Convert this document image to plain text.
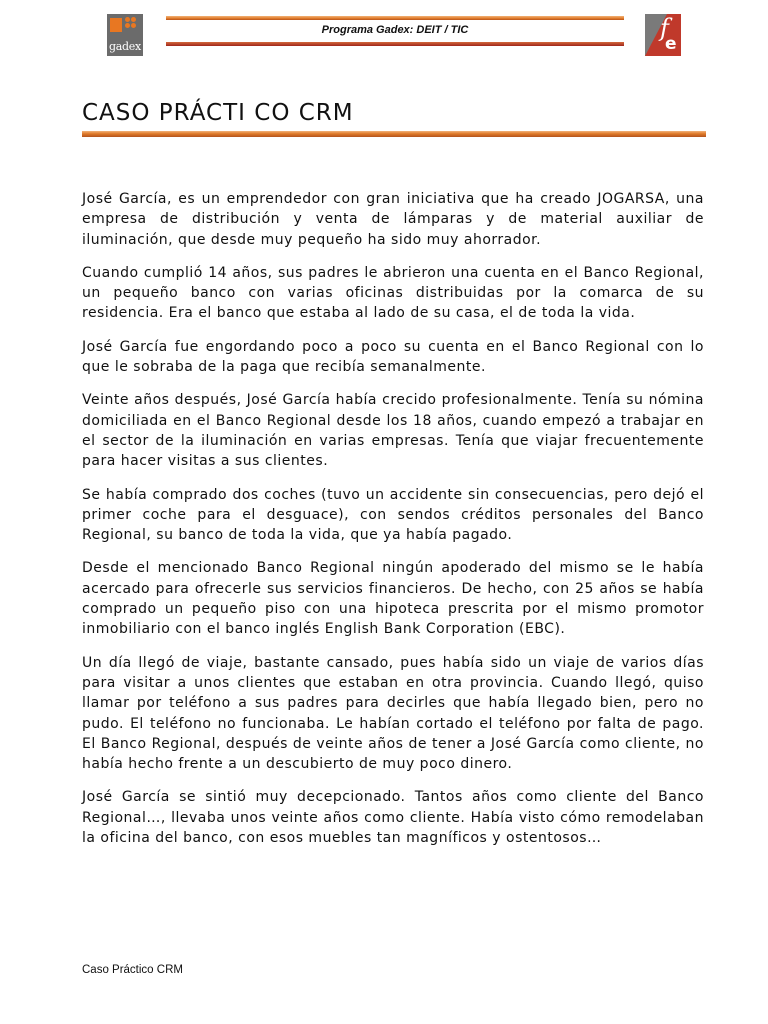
gadex
Programa Gadex: DEIT / TIC	f
e
CASO PRÁCTI CO CRM

José García, es un emprendedor con gran iniciativa que ha creado JOGARSA, una empresa de distribución y venta de lámparas y de material auxiliar de iluminación, que desde muy pequeño ha sido muy ahorrador.

Cuando cumplió 14 años, sus padres le abrieron una cuenta en el Banco Regional, un pequeño banco con varias oficinas distribuidas por la comarca de su residencia. Era el banco que estaba al lado de su casa, el de toda la vida.

José García fue engordando poco a poco su cuenta en el Banco Regional con lo que le sobraba de la paga que recibía semanalmente.

Veinte años después, José García había crecido profesionalmente. Tenía su nómina domiciliada en el Banco Regional desde los 18 años, cuando empezó a trabajar en el sector de la iluminación en varias empresas. Tenía que viajar frecuentemente para hacer visitas a sus clientes.

Se había comprado dos coches (tuvo un accidente sin consecuencias, pero dejó el primer coche para el desguace), con sendos créditos personales del Banco Regional, su banco de toda la vida, que ya había pagado.

Desde el mencionado Banco Regional ningún apoderado del mismo se le había acercado para ofrecerle sus servicios financieros. De hecho, con 25 años se había comprado un pequeño piso con una hipoteca prescrita por el mismo promotor inmobiliario con el banco inglés English Bank Corporation (EBC).

Un día llegó de viaje, bastante cansado, pues había sido un viaje de varios días para visitar a unos clientes que estaban en otra provincia. Cuando llegó, quiso llamar por teléfono a sus padres para decirles que había llegado bien, pero no pudo. El teléfono no funcionaba. Le habían cortado el teléfono por falta de pago. El Banco Regional, después de veinte años de tener a José García como cliente, no había hecho frente a un descubierto de muy poco dinero.

José García se sintió muy decepcionado. Tantos años como cliente del Banco Regional…, llevaba unos veinte años como cliente. Había visto cómo remodelaban la oficina del banco, con esos muebles tan magníficos y ostentosos…

Caso Práctico CRM
